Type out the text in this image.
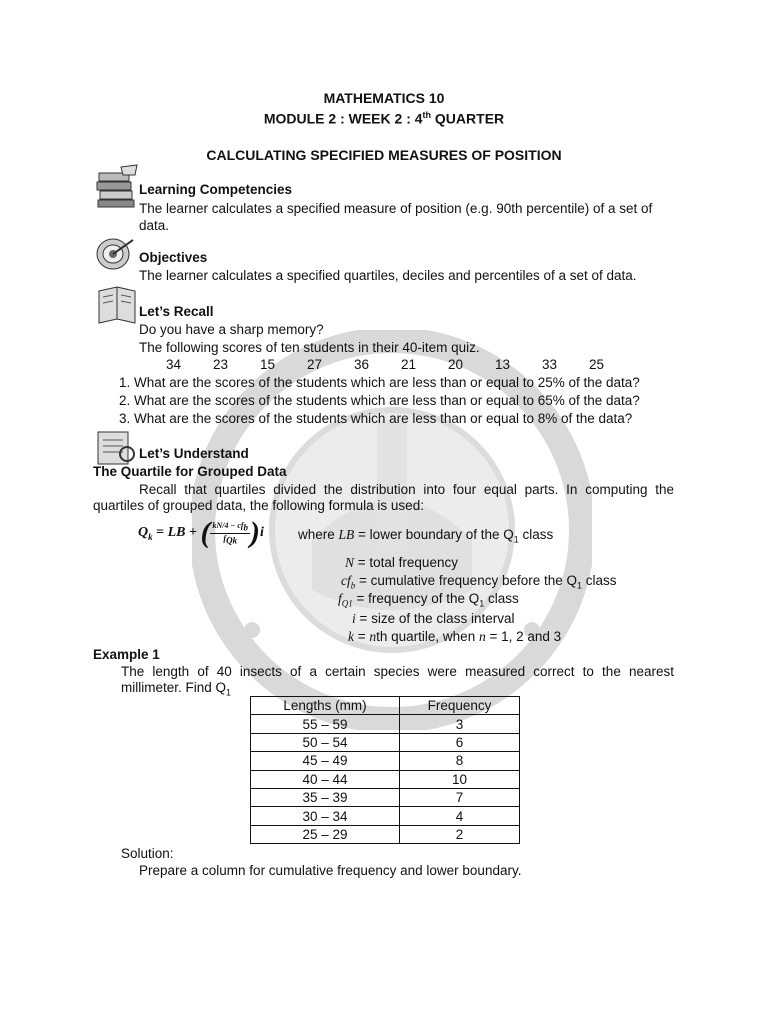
MATHEMATICS 10
MODULE 2 : WEEK 2 : 4th QUARTER
CALCULATING SPECIFIED MEASURES OF POSITION
Learning Competencies
The learner calculates a specified measure of position (e.g. 90th percentile) of a set of
data.
Objectives
The learner calculates a specified quartiles, deciles and percentiles of a set of data.
Let’s Recall
Do you have a sharp memory?
The following scores of ten students in their 40-item quiz.
34 23 15 27 36 21 20 13 33 25
1. What are the scores of the students which are less than or equal to 25% of the data?
2. What are the scores of the students which are less than or equal to 65% of the data?
3. What are the scores of the students which are less than or equal to 8% of the data?
Let’s Understand
The Quartile for Grouped Data
Recall that quartiles divided the distribution into four equal parts. In computing the
quartiles of grouped data, the following formula is used:
$Q_k$ = LB + ( $\frac{kN/4 - cf_b}{f_{Qk}} )i$	where LB = lower boundary of the $Q_1$ class
N = total frequency
$cf_b$ = cumulative frequency before the $Q_1$ class
$f_{Q1}$ = frequency of the $Q_1$ class
i = size of the class interval
k = nth quartile, when n = 1, 2 and 3
Example 1
The length of 40 insects of a certain species were measured correct to the nearest
millimeter. Find $Q_1$
Lengths (mm)	Frequency
55 – 59	3
50 – 54	6
45 – 49	8
40 – 44	10
35 – 39	7
30 – 34	4
25 – 29	2
Solution:
Prepare a column for cumulative frequency and lower boundary.
